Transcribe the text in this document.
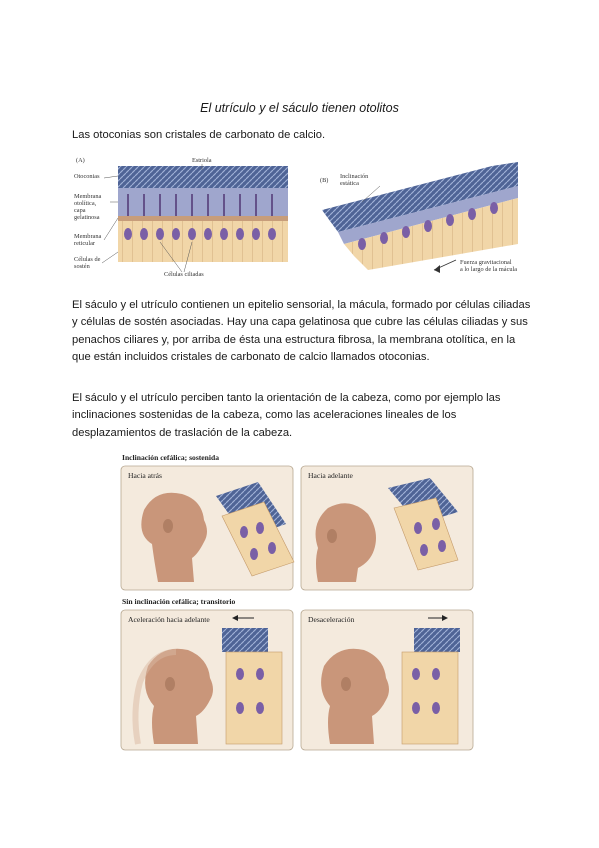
El utrículo y el sáculo tienen otolitos

Las otoconias son cristales de carbonato de calcio.

(A)	Estriola
Otoconias
Membrana
otolítica,
capa
gelatinosa
Membrana
reticular
Células de
sostén
Células ciliadas
(B)
Inclinación
estática
Fuerza gravitacional
a lo largo de la mácula

El sáculo y el utrículo contienen un epitelio sensorial, la mácula, formado por células ciliadas y células de sostén asociadas. Hay una capa gelatinosa que cubre las células ciliadas y sus penachos ciliares y, por arriba de ésta una estructura fibrosa, la membrana otolítica, en la que están incluidos cristales de carbonato de calcio llamados otoconias.

El sáculo y el utrículo perciben tanto la orientación de la cabeza, como por ejemplo las inclinaciones sostenidas de la cabeza, como las aceleraciones lineales de los desplazamientos de traslación de la cabeza.

Inclinación cefálica; sostenida
Sin inclinación cefálica; transitorio
Hacia atrás	Hacia adelante
Aceleración hacia adelante	Desaceleración
